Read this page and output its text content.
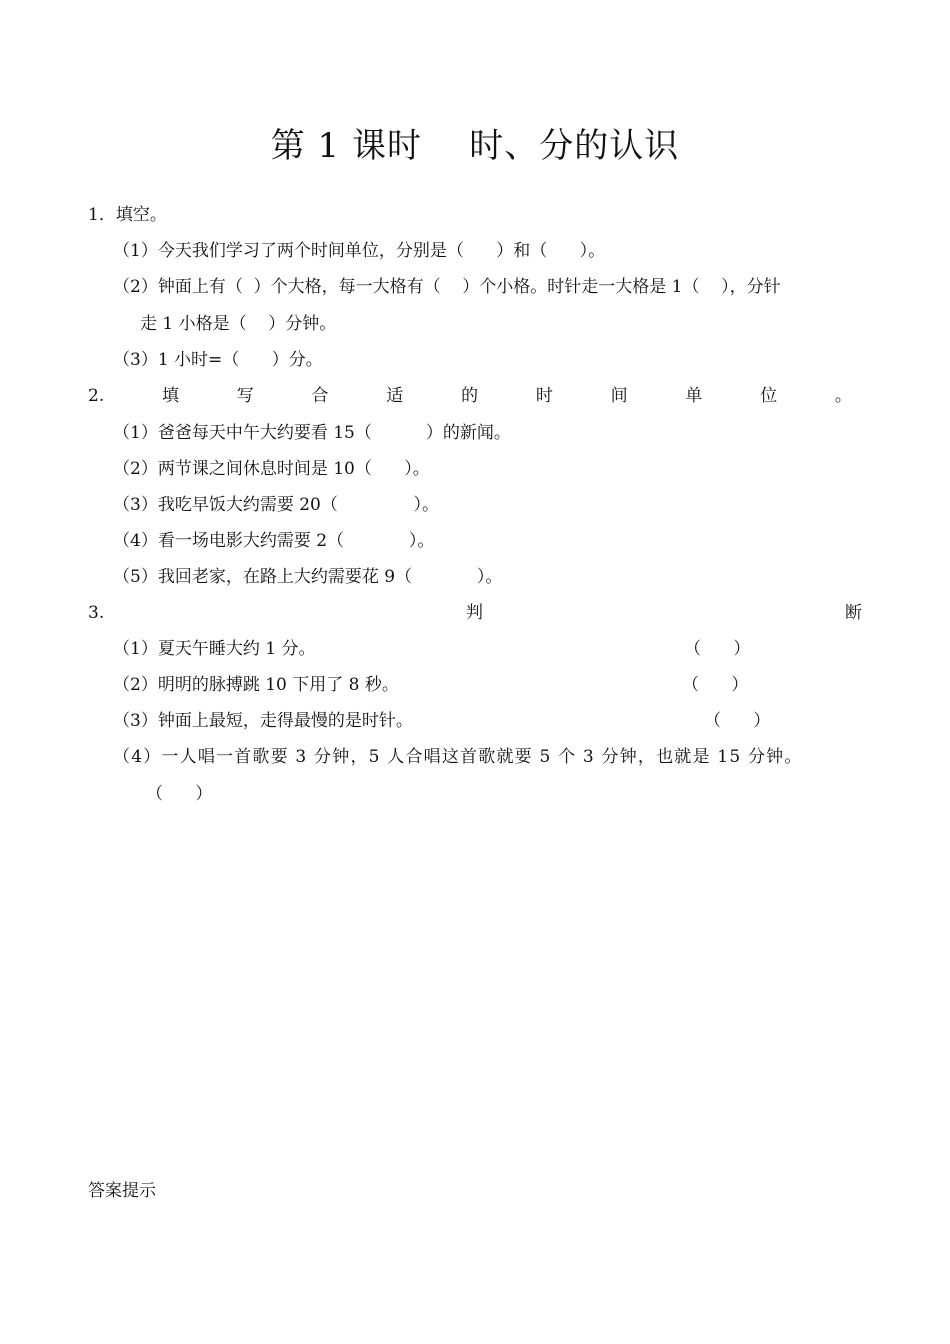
第 1 课时    时、分的认识
1．填空。
（1）今天我们学习了两个时间单位，分别是（      ）和（      ）。
（2）钟面上有（  ）个大格，每一大格有（    ）个小格。时针走一大格是 1（    ），分针
走 1 小格是（    ）分钟。
（3）1 小时=（      ）分。
2.	填	写	合	适	的	时	间	单	位	。
（1）爸爸每天中午大约要看 15（          ）的新闻。
（2）两节课之间休息时间是 10（      ）。
（3）我吃早饭大约需要 20（              ）。
（4）看一场电影大约需要 2（            ）。
（5）我回老家，在路上大约需要花 9（            ）。
3.	判	断
（1）夏天午睡大约 1 分。	（      ）
（2）明明的脉搏跳 10 下用了 8 秒。	（      ）
（3）钟面上最短，走得最慢的是时针。	（      ）
（4）一人唱一首歌要 3 分钟，5 人合唱这首歌就要 5 个 3 分钟，也就是 15 分钟。
（      ）
答案提示
